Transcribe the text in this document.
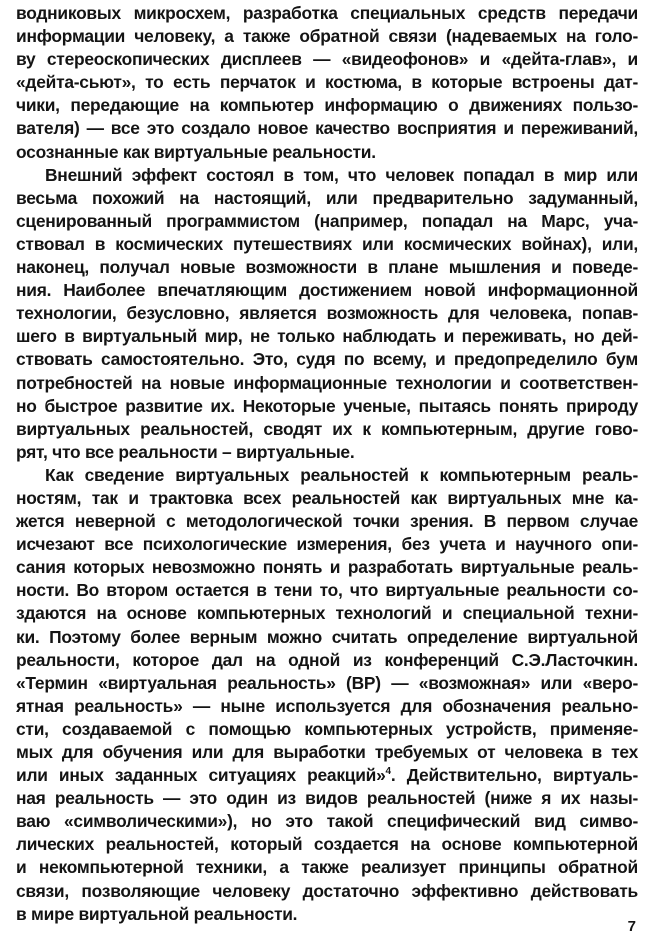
водниковых микросхем, разработка специальных средств передачи
информации человеку, а также обратной связи (надеваемых на голо-
ву стереоскопических дисплеев — «видеофонов» и «дейта-глав», и
«дейта-сьют», то есть перчаток и костюма, в которые встроены дат-
чики, передающие на компьютер информацию о движениях пользо-
вателя) — все это создало новое качество восприятия и переживаний,
осознанные как виртуальные реальности.
Внешний эффект состоял в том, что человек попадал в мир или
весьма похожий на настоящий, или предварительно задуманный,
сценированный программистом (например, попадал на Марс, уча-
ствовал в космических путешествиях или космических войнах), или,
наконец, получал новые возможности в плане мышления и поведе-
ния. Наиболее впечатляющим достижением новой информационной
технологии, безусловно, является возможность для человека, попав-
шего в виртуальный мир, не только наблюдать и переживать, но дей-
ствовать самостоятельно. Это, судя по всему, и предопределило бум
потребностей на новые информационные технологии и соответствен-
но быстрое развитие их. Некоторые ученые, пытаясь понять природу
виртуальных реальностей, сводят их к компьютерным, другие гово-
рят, что все реальности – виртуальные.
Как сведение виртуальных реальностей к компьютерным реаль-
ностям, так и трактовка всех реальностей как виртуальных мне ка-
жется неверной с методологической точки зрения. В первом случае
исчезают все психологические измерения, без учета и научного опи-
сания которых невозможно понять и разработать виртуальные реаль-
ности. Во втором остается в тени то, что виртуальные реальности со-
здаются на основе компьютерных технологий и специальной техни-
ки. Поэтому более верным можно считать определение виртуальной
реальности, которое дал на одной из конференций С.Э.Ласточкин.
«Термин «виртуальная реальность» (ВР) — «возможная» или «веро-
ятная реальность» — ныне используется для обозначения реально-
сти, создаваемой с помощью компьютерных устройств, применяе-
мых для обучения или для выработки требуемых от человека в тех
или иных заданных ситуациях реакций»$^4$. Действительно, виртуаль-
ная реальность — это один из видов реальностей (ниже я их назы-
ваю «символическими»), но это такой специфический вид симво-
лических реальностей, который создается на основе компьютерной
и некомпьютерной техники, а также реализует принципы обратной
связи, позволяющие человеку достаточно эффективно действовать
в мире виртуальной реальности.
7
